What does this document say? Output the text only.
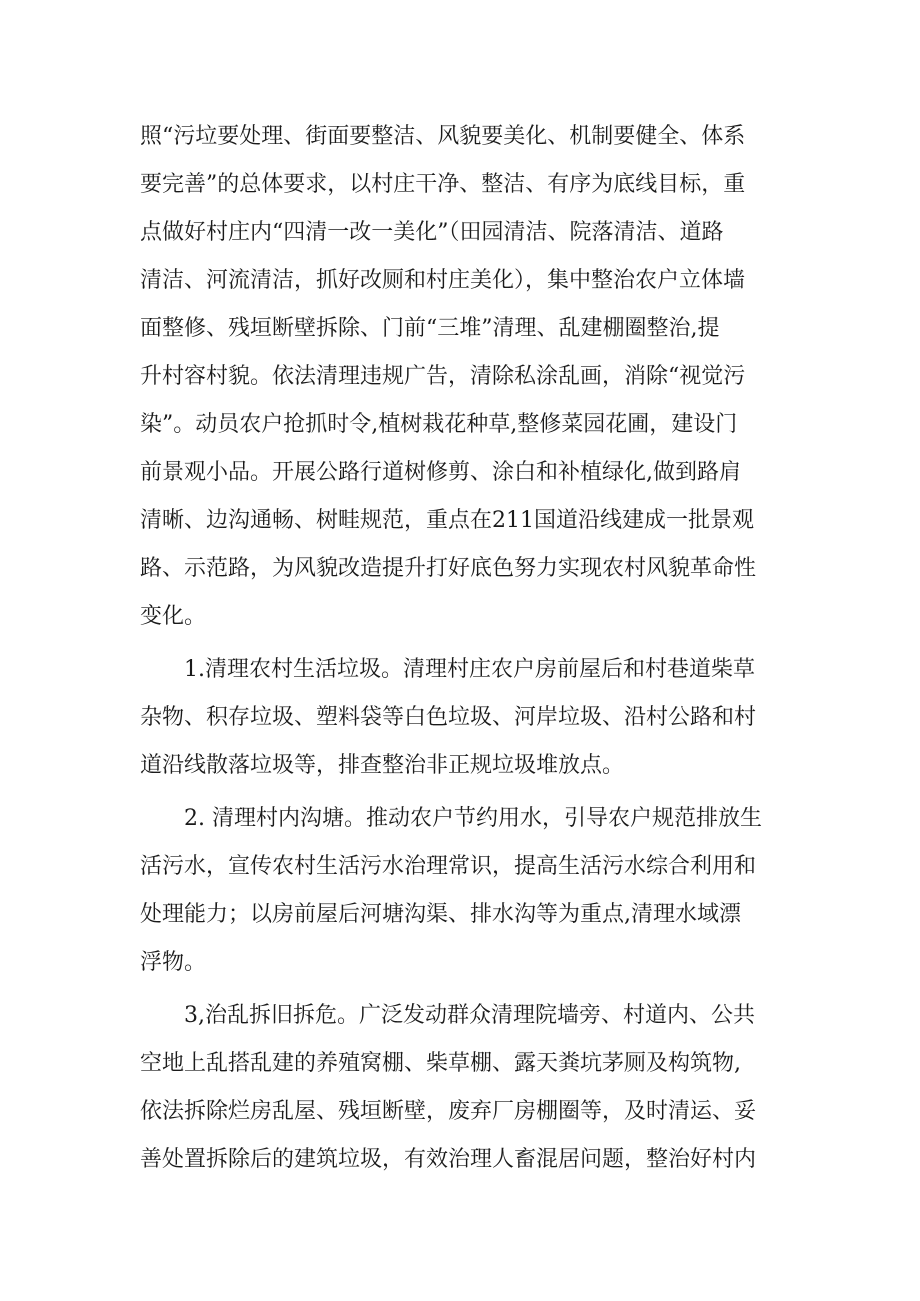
照“污垃要处理、街面要整洁、风貌要美化、机制要健全、体系
要完善”的总体要求，以村庄干净、整洁、有序为底线目标，重
点做好村庄内“四清一改一美化”（田园清洁、院落清洁、道路
清洁、河流清洁，抓好改厕和村庄美化），集中整治农户立体墙
面整修、残垣断壁拆除、门前“三堆”清理、乱建棚圈整治,提
升村容村貌。依法清理违规广告，清除私涂乱画，消除“视觉污
染”。动员农户抢抓时令,植树栽花种草,整修菜园花圃，建设门
前景观小品。开展公路行道树修剪、涂白和补植绿化,做到路肩
清晰、边沟通畅、树畦规范，重点在211国道沿线建成一批景观
路、示范路，为风貌改造提升打好底色努力实现农村风貌革命性
变化。
1.清理农村生活垃圾。清理村庄农户房前屋后和村巷道柴草
杂物、积存垃圾、塑料袋等白色垃圾、河岸垃圾、沿村公路和村
道沿线散落垃圾等，排查整治非正规垃圾堆放点。
2. 清理村内沟塘。推动农户节约用水，引导农户规范排放生
活污水，宣传农村生活污水治理常识，提高生活污水综合利用和
处理能力；以房前屋后河塘沟渠、排水沟等为重点,清理水域漂
浮物。
3,治乱拆旧拆危。广泛发动群众清理院墙旁、村道内、公共
空地上乱搭乱建的养殖窝棚、柴草棚、露天粪坑茅厕及构筑物,
依法拆除烂房乱屋、残垣断壁，废弃厂房棚圈等，及时清运、妥
善处置拆除后的建筑垃圾，有效治理人畜混居问题，整治好村内
